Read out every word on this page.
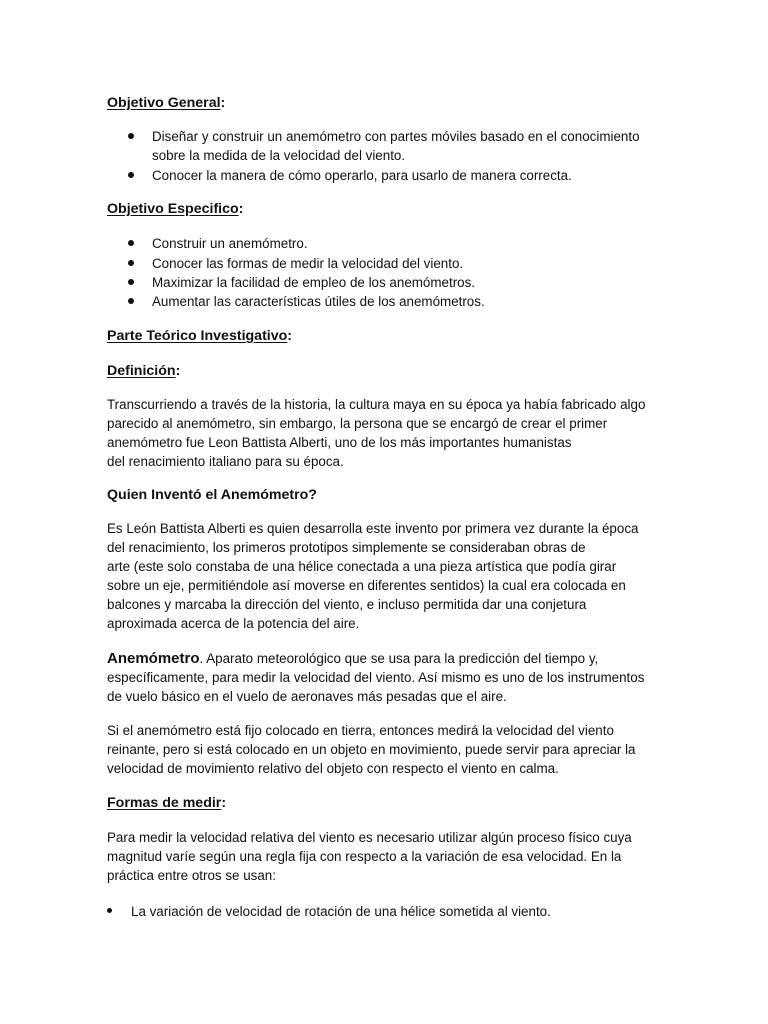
Objetivo General:
Diseñar y construir un anemómetro con partes móviles basado en el conocimiento
sobre la medida de la velocidad del viento.
Conocer la manera de cómo operarlo, para usarlo de manera correcta.
Objetivo Especifico:
Construir un anemómetro.
Conocer las formas de medir la velocidad del viento.
Maximizar la facilidad de empleo de los anemómetros.
Aumentar las características útiles de los anemómetros.
Parte Teórico Investigativo:
Definición:
Transcurriendo a través de la historia, la cultura maya en su época ya había fabricado algo
parecido al anemómetro, sin embargo, la persona que se encargó de crear el primer
anemómetro fue Leon Battista Alberti, uno de los más importantes humanistas
del renacimiento italiano para su época.
Quien Inventó el Anemómetro?
Es León Battista Alberti es quien desarrolla este invento por primera vez durante la época
del renacimiento, los primeros prototipos simplemente se consideraban obras de
arte (este solo constaba de una hélice conectada a una pieza artística que podía girar
sobre un eje, permitiéndole así moverse en diferentes sentidos) la cual era colocada en
balcones y marcaba la dirección del viento, e incluso permitida dar una conjetura
aproximada acerca de la potencia del aire.
Anemómetro. Aparato meteorológico que se usa para la predicción del tiempo y,
específicamente, para medir la velocidad del viento. Así mismo es uno de los instrumentos
de vuelo básico en el vuelo de aeronaves más pesadas que el aire.
Si el anemómetro está fijo colocado en tierra, entonces medirá la velocidad del viento
reinante, pero si está colocado en un objeto en movimiento, puede servir para apreciar la
velocidad de movimiento relativo del objeto con respecto el viento en calma.
Formas de medir:
Para medir la velocidad relativa del viento es necesario utilizar algún proceso físico cuya
magnitud varíe según una regla fija con respecto a la variación de esa velocidad. En la
práctica entre otros se usan:
La variación de velocidad de rotación de una hélice sometida al viento.
